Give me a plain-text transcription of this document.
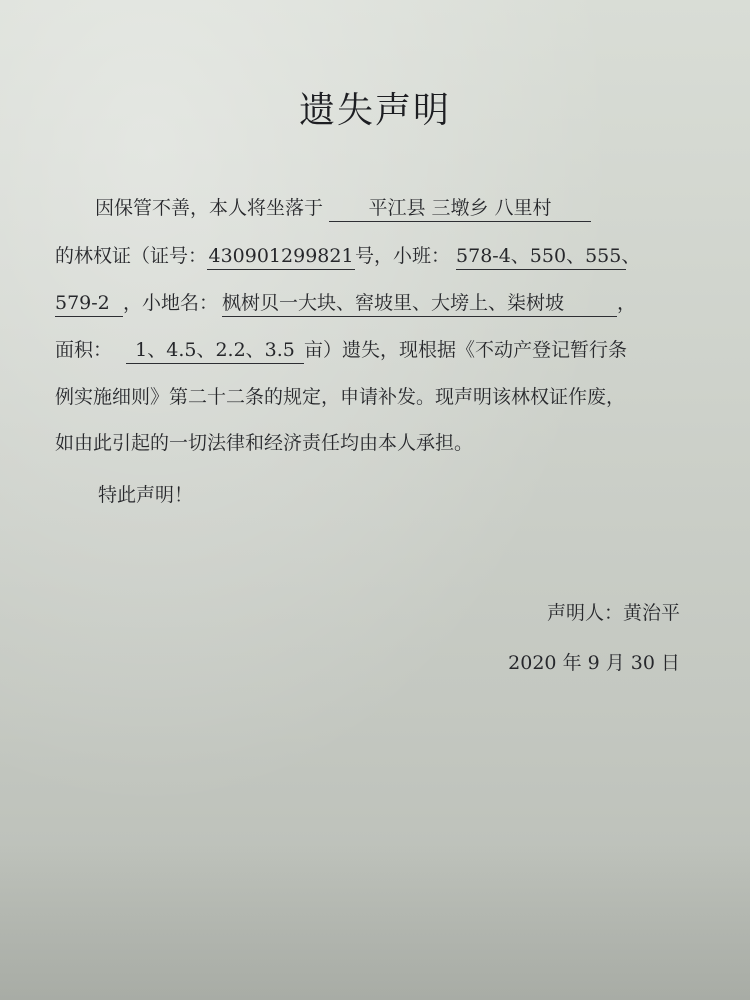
遗失声明
因保管不善，本人将坐落于 平江县 三墩乡 八里村
的林权证（证号：430901299821号，小班： 578-4、550、555、
579-2 ，小地名： 枫树贝一大块、窖坡里、大塝上、柒树坡	，
面积： 1、4.5、2.2、3.5 亩）遗失，现根据《不动产登记暂行条
例实施细则》第二十二条的规定，申请补发。现声明该林权证作废，
如由此引起的一切法律和经济责任均由本人承担。
特此声明！
声明人：黄治平
2020 年 9 月 30 日
